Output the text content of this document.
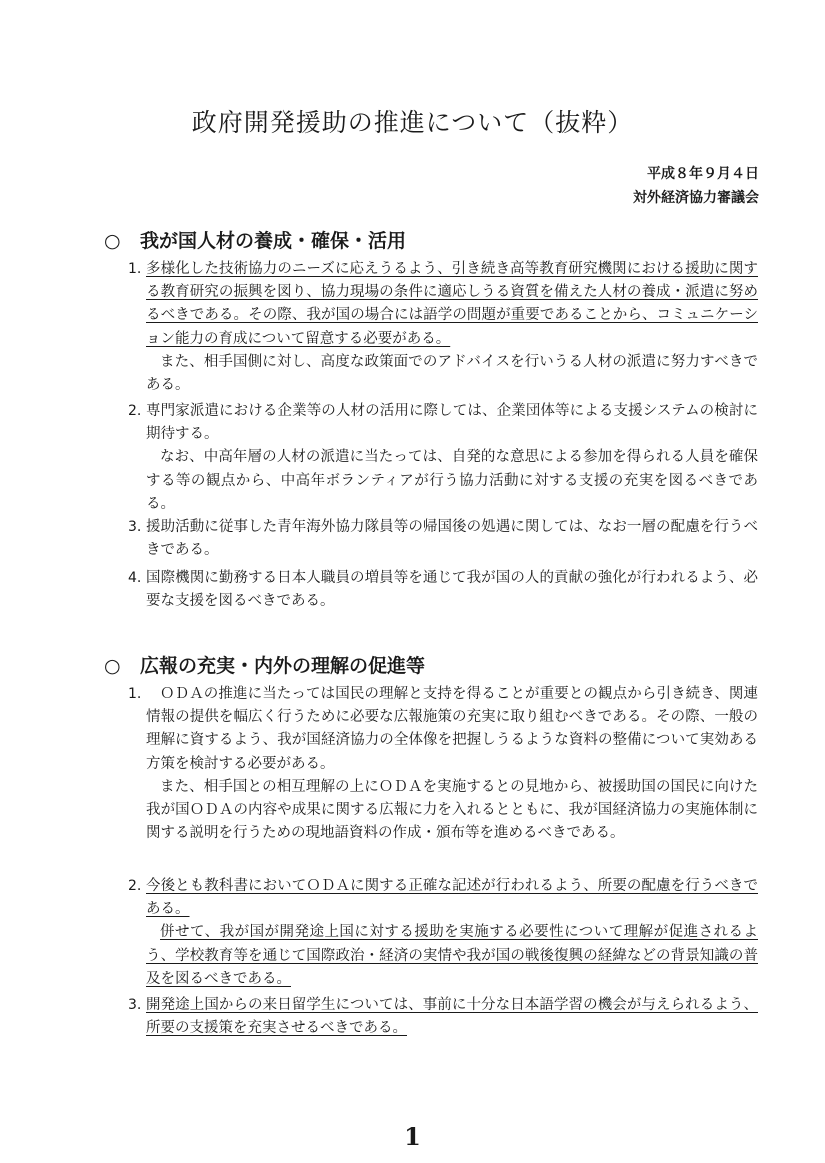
政府開発援助の推進について（抜粋）
平成８年９月４日
対外経済協力審議会
○ 我が国人材の養成・確保・活用
1. 多様化した技術協力のニーズに応えうるよう、引き続き高等教育研究機関における援助に関する教育研究の振興を図り、協力現場の条件に適応しうる資質を備えた人材の養成・派遣に努めるべきである。その際、我が国の場合には語学の問題が重要であることから、コミュニケーション能力の育成について留意する必要がある。

また、相手国側に対し、高度な政策面でのアドバイスを行いうる人材の派遣に努力すべきである。

2. 専門家派遣における企業等の人材の活用に際しては、企業団体等による支援システムの検討に期待する。

なお、中高年層の人材の派遣に当たっては、自発的な意思による参加を得られる人員を確保する等の観点から、中高年ボランティアが行う協力活動に対する支援の充実を図るべきである。

3. 援助活動に従事した青年海外協力隊員等の帰国後の処遇に関しては、なお一層の配慮を行うべきである。

4. 国際機関に勤務する日本人職員の増員等を通じて我が国の人的貢献の強化が行われるよう、必要な支援を図るべきである。

○ 広報の充実・内外の理解の促進等
1.	ＯＤＡの推進に当たっては国民の理解と支持を得ることが重要との観点から引き続き、関連情報の提供を幅広く行うために必要な広報施策の充実に取り組むべきである。その際、一般の理解に資するよう、我が国経済協力の全体像を把握しうるような資料の整備について実効ある方策を検討する必要がある。

また、相手国との相互理解の上にＯＤＡを実施するとの見地から、被援助国の国民に向けた我が国ＯＤＡの内容や成果に関する広報に力を入れるとともに、我が国経済協力の実施体制に関する説明を行うための現地語資料の作成・頒布等を進めるべきである。

2. 今後とも教科書においてＯＤＡに関する正確な記述が行われるよう、所要の配慮を行うべきである。

併せて、我が国が開発途上国に対する援助を実施する必要性について理解が促進されるよう、学校教育等を通じて国際政治・経済の実情や我が国の戦後復興の経緯などの背景知識の普及を図るべきである。

3. 開発途上国からの来日留学生については、事前に十分な日本語学習の機会が与えられるよう、所要の支援策を充実させるべきである。

1
